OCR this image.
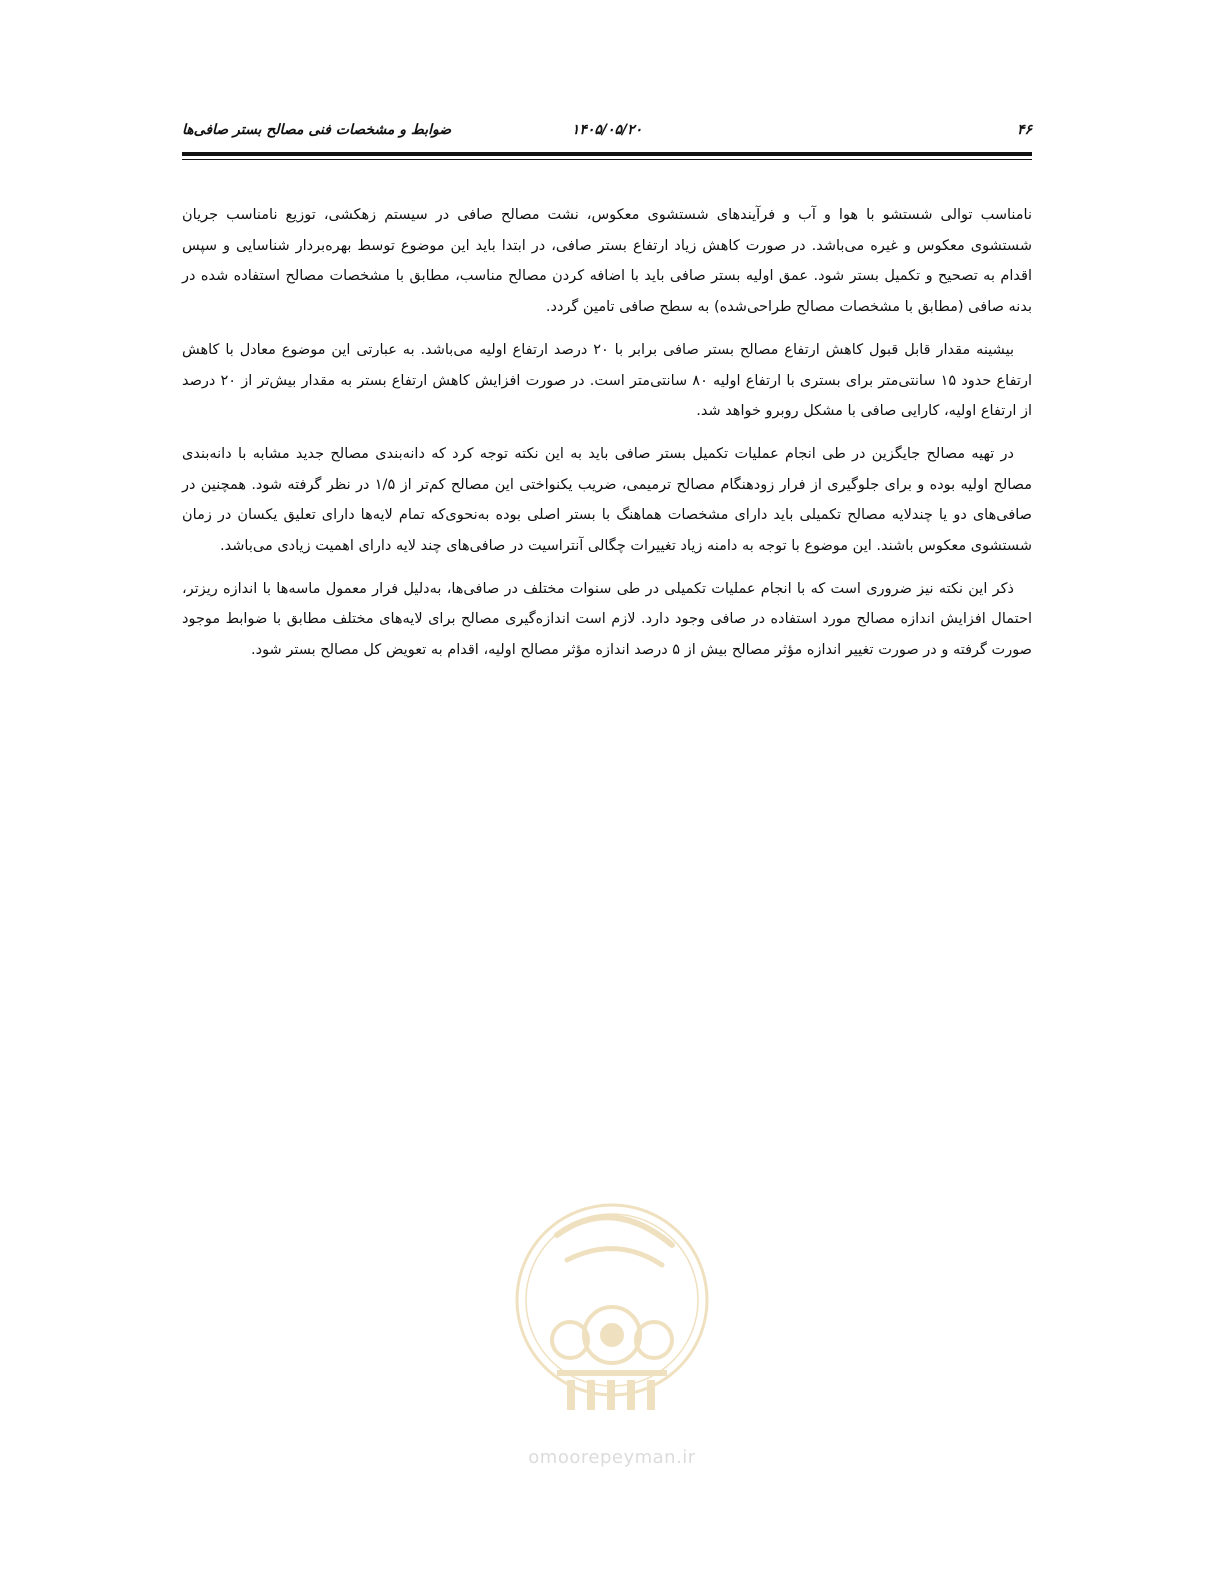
۴۶
۱۴۰۵/۰۵/۲۰
ضوابط و مشخصات فنی مصالح بستر صافی‌ها

نامناسب توالی شستشو با هوا و آب و فرآیندهای شستشوی معکوس، نشت مصالح صافی در سیستم زهکشی، توزیع نامناسب جریان شستشوی معکوس و غیره می‌باشد. در صورت کاهش زیاد ارتفاع بستر صافی، در ابتدا باید این موضوع توسط بهره‌بردار شناسایی و سپس اقدام به تصحیح و تکمیل بستر شود. عمق اولیه بستر صافی باید با اضافه کردن مصالح مناسب، مطابق با مشخصات مصالح استفاده شده در بدنه صافی (مطابق با مشخصات مصالح طراحی‌شده) به سطح صافی تامین گردد.

بیشینه مقدار قابل قبول کاهش ارتفاع مصالح بستر صافی برابر با ۲۰ درصد ارتفاع اولیه می‌باشد. به عبارتی این موضوع معادل با کاهش ارتفاع حدود ۱۵ سانتی‌متر برای بستری با ارتفاع اولیه ۸۰ سانتی‌متر است. در صورت افزایش کاهش ارتفاع بستر به مقدار بیش‌تر از ۲۰ درصد از ارتفاع اولیه، کارایی صافی با مشکل روبرو خواهد شد.

در تهیه مصالح جایگزین در طی انجام عملیات تکمیل بستر صافی باید به این نکته توجه کرد که دانه‌بندی مصالح جدید مشابه با دانه‌بندی مصالح اولیه بوده و برای جلوگیری از فرار زودهنگام مصالح ترمیمی، ضریب یکنواختی این مصالح کم‌تر از ۱/۵ در نظر گرفته شود. همچنین در صافی‌های دو یا چندلایه مصالح تکمیلی باید دارای مشخصات هماهنگ با بستر اصلی بوده به‌نحوی‌که تمام لایه‌ها دارای تعلیق یکسان در زمان شستشوی معکوس باشند. این موضوع با توجه به دامنه زیاد تغییرات چگالی آنتراسیت در صافی‌های چند لایه دارای اهمیت زیادی می‌باشد.

ذکر این نکته نیز ضروری است که با انجام عملیات تکمیلی در طی سنوات مختلف در صافی‌ها، به‌دلیل فرار معمول ماسه‌ها با اندازه ریزتر، احتمال افزایش اندازه مصالح مورد استفاده در صافی وجود دارد. لازم است اندازه‌گیری مصالح برای لایه‌های مختلف مطابق با ضوابط موجود صورت گرفته و در صورت تغییر اندازه مؤثر مصالح بیش از ۵ درصد اندازه مؤثر مصالح اولیه، اقدام به تعویض کل مصالح بستر شود.

omoorepeyman.ir
